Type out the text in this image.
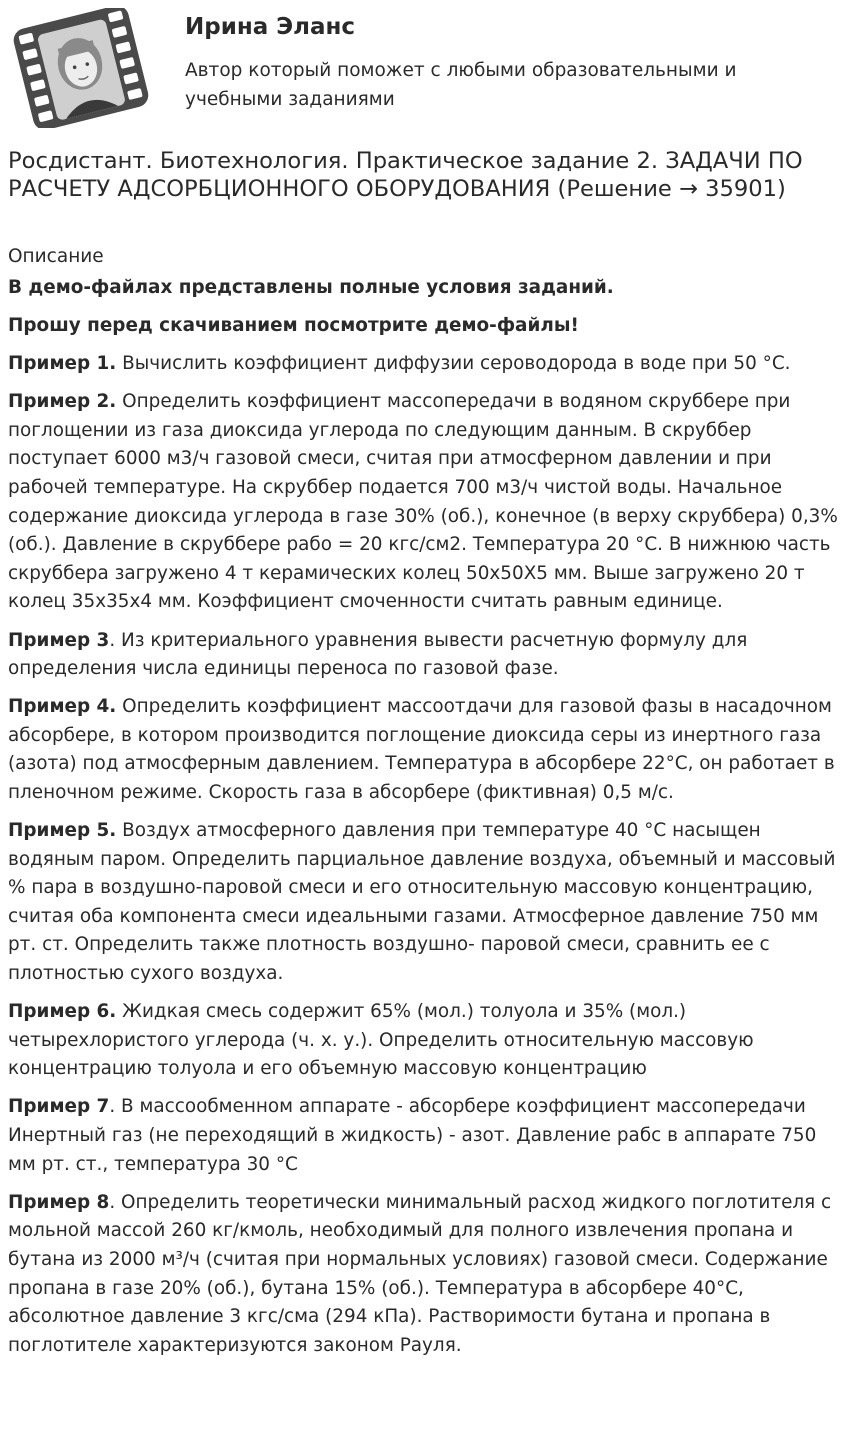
Ирина Эланс
Автор который поможет с любыми образовательными и учебными заданиями
Росдистант. Биотехнология. Практическое задание 2. ЗАДАЧИ ПО РАСЧЕТУ АДСОРБЦИОННОГО ОБОРУДОВАНИЯ (Решение → 35901)
Описание

В демо-файлах представлены полные условия заданий.

Прошу перед скачиванием посмотрите демо-файлы!

Пример 1. Вычислить коэффициент диффузии сероводорода в воде при 50 °С.

Пример 2. Определить коэффициент массопередачи в водяном скруббере при поглощении из газа диоксида углерода по следующим данным. В скруббер поступает 6000 м3/ч газовой смеси, считая при атмосферном давлении и при рабочей температуре. На скруббер подается 700 м3/ч чистой воды. Начальное содержание диоксида углерода в газе 30% (об.), конечное (в верху скруббера) 0,3% (об.). Давление в скруббере рабо = 20 кгс/см2. Температура 20 °С. В нижнюю часть скруббера загружено 4 т керамических колец 50x50X5 мм. Выше загружено 20 т колец 35x35x4 мм. Коэффициент смоченности считать равным единице.

Пример 3. Из критериального уравнения вывести расчетную формулу для определения числа единицы переноса по газовой фазе.

Пример 4. Определить коэффициент массоотдачи для газовой фазы в насадочном абсорбере, в котором производится поглощение диоксида серы из инертного газа (азота) под атмосферным давлением. Температура в абсорбере 22°С, он работает в пленочном режиме. Скорость газа в абсорбере (фиктивная) 0,5 м/с.

Пример 5. Воздух атмосферного давления при температуре 40 °С насыщен водяным паром. Определить парциальное давление воздуха, объемный и массовый % пара в воздушно-паровой смеси и его относительную массовую концентрацию, считая оба компонента смеси идеальными газами. Атмосферное давление 750 мм рт. ст. Определить также плотность воздушно- паровой смеси, сравнить ее с плотностью сухого воздуха.

Пример 6. Жидкая смесь содержит 65% (мол.) толуола и 35% (мол.) четырехлористого углерода (ч. х. у.). Определить относительную массовую концентрацию толуола и его объемную массовую концентрацию

Пример 7. В массообменном аппарате - абсорбере коэффициент массопередачи Инертный газ (не переходящий в жидкость) - азот. Давление рабс в аппарате 750 мм рт. ст., температура 30 °С

Пример 8. Определить теоретически минимальный расход жидкого поглотителя с мольной массой 260 кг/кмоль, необходимый для полного извлечения пропана и бутана из 2000 м³/ч (считая при нормальных условиях) газовой смеси. Содержание пропана в газе 20% (об.), бутана 15% (об.). Температура в абсорбере 40°С, абсолютное давление 3 кгс/сма (294 кПа). Растворимости бутана и пропана в поглотителе характеризуются законом Рауля.
